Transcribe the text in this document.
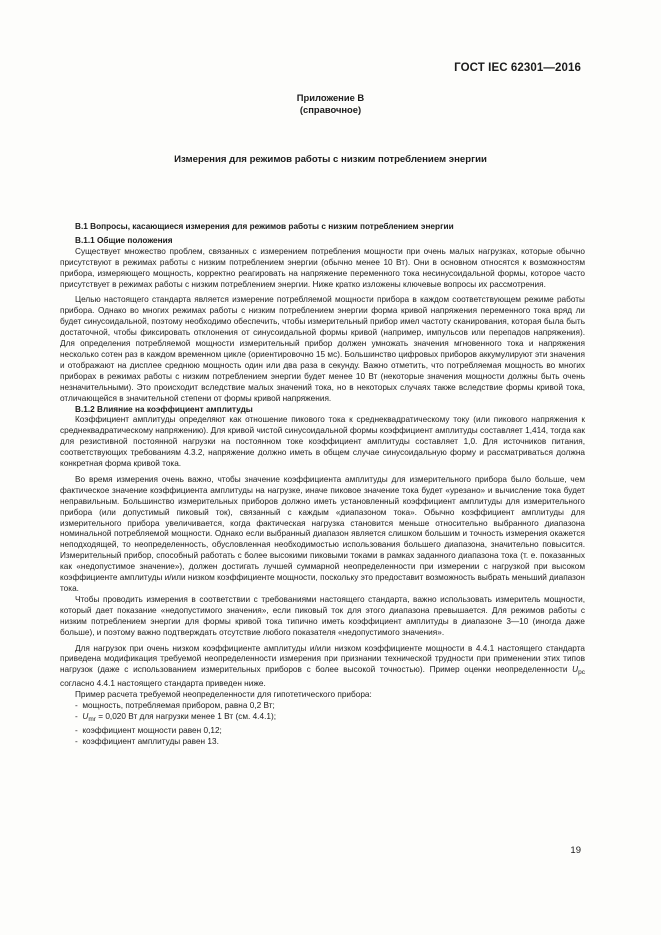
ГОСТ IEC 62301—2016
Приложение В
(справочное)
Измерения для режимов работы с низким потреблением энергии
В.1 Вопросы, касающиеся измерения для режимов работы с низким потреблением энергии
В.1.1 Общие положения

Существует множество проблем, связанных с измерением потребления мощности при очень малых нагрузках, которые обычно присутствуют в режимах работы с низким потреблением энергии (обычно менее 10 Вт). Они в основном относятся к возможностям прибора, измеряющего мощность, корректно реагировать на напряжение переменного тока несинусоидальной формы, которое часто присутствует в режимах работы с низким потреблением энергии. Ниже кратко изложены ключевые вопросы их рассмотрения.

Целью настоящего стандарта является измерение потребляемой мощности прибора в каждом соответствующем режиме работы прибора. Однако во многих режимах работы с низким потреблением энергии форма кривой напряжения переменного тока вряд ли будет синусоидальной, поэтому необходимо обеспечить, чтобы измерительный прибор имел частоту сканирования, которая была быть достаточной, чтобы фиксировать отклонения от синусоидальной формы кривой (например, импульсов или перепадов напряжения). Для определения потребляемой мощности измерительный прибор должен умножать значения мгновенного тока и напряжения несколько сотен раз в каждом временном цикле (ориентировочно 15 мс). Большинство цифровых приборов аккумулируют эти значения и отображают на дисплее среднюю мощность один или два раза в секунду. Важно отметить, что потребляемая мощность во многих приборах в режимах работы с низким потреблением энергии будет менее 10 Вт (некоторые значения мощности должны быть очень незначительными). Это происходит вследствие малых значений тока, но в некоторых случаях также вследствие формы кривой тока, отличающейся в значительной степени от формы кривой напряжения.

В.1.2 Влияние на коэффициент амплитуды

Коэффициент амплитуды определяют как отношение пикового тока к среднеквадратическому току (или пикового напряжения к среднеквадратическому напряжению). Для кривой чистой синусоидальной формы коэффициент амплитуды составляет 1,414, тогда как для резистивной постоянной нагрузки на постоянном токе коэффициент амплитуды составляет 1,0. Для источников питания, соответствующих требованиям 4.3.2, напряжение должно иметь в общем случае синусоидальную форму и рассматриваться должна конкретная форма кривой тока.

Во время измерения очень важно, чтобы значение коэффициента амплитуды для измерительного прибора было больше, чем фактическое значение коэффициента амплитуды на нагрузке, иначе пиковое значение тока будет «урезано» и вычисление тока будет неправильным. Большинство измерительных приборов должно иметь установленный коэффициент амплитуды для измерительного прибора (или допустимый пиковый ток), связанный с каждым «диапазоном тока». Обычно коэффициент амплитуды для измерительного прибора увеличивается, когда фактическая нагрузка становится меньше относительно выбранного диапазона номинальной потребляемой мощности. Однако если выбранный диапазон является слишком большим и точность измерения окажется неподходящей, то неопределенность, обусловленная необходимостью использования большего диапазона, значительно повысится. Измерительный прибор, способный работать с более высокими пиковыми токами в рамках заданного диапазона тока (т. е. показанных как «недопустимое значение»), должен достигать лучшей суммарной неопределенности при измерении с нагрузкой при высоком коэффициенте амплитуды и/или низком коэффициенте мощности, поскольку это предоставит возможность выбрать меньший диапазон тока.

Чтобы проводить измерения в соответствии с требованиями настоящего стандарта, важно использовать измеритель мощности, который дает показание «недопустимого значения», если пиковый ток для этого диапазона превышается. Для режимов работы с низким потреблением энергии для формы кривой тока типично иметь коэффициент амплитуды в диапазоне 3—10 (иногда даже больше), и поэтому важно подтверждать отсутствие любого показателя «недопустимого значения».

Для нагрузок при очень низком коэффициенте амплитуды и/или низком коэффициенте мощности в 4.4.1 настоящего стандарта приведена модификация требуемой неопределенности измерения при признании технической трудности при применении этих типов нагрузок (даже с использованием измерительных приборов с более высокой точностью). Пример оценки неопределенности $U_{pc}$ согласно 4.4.1 настоящего стандарта приведен ниже.

Пример расчета требуемой неопределенности для гипотетического прибора:

-  мощность, потребляемая прибором, равна 0,2 Вт;
-  $U_{mr} = 0,020$ Вт для нагрузки менее 1 Вт (см. 4.4.1);
-  коэффициент мощности равен 0,12;
-  коэффициент амплитуды равен 13.
19
